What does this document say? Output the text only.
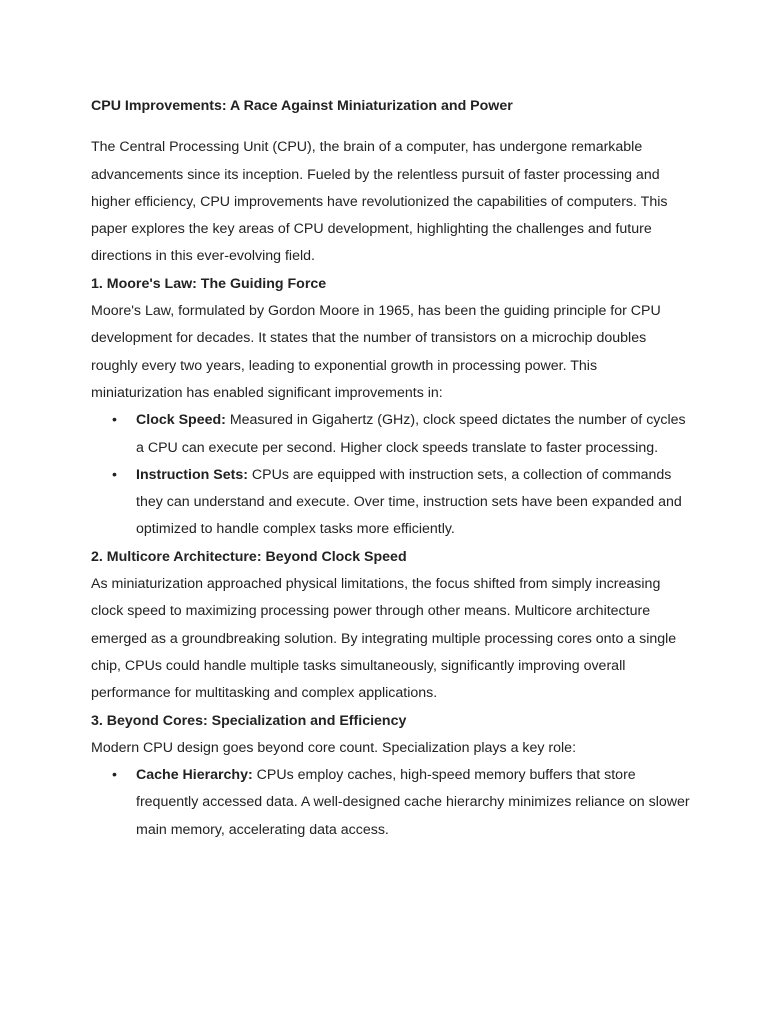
CPU Improvements: A Race Against Miniaturization and Power

The Central Processing Unit (CPU), the brain of a computer, has undergone remarkable advancements since its inception. Fueled by the relentless pursuit of faster processing and higher efficiency, CPU improvements have revolutionized the capabilities of computers. This paper explores the key areas of CPU development, highlighting the challenges and future directions in this ever-evolving field.

1. Moore's Law: The Guiding Force

Moore's Law, formulated by Gordon Moore in 1965, has been the guiding principle for CPU development for decades. It states that the number of transistors on a microchip doubles roughly every two years, leading to exponential growth in processing power. This miniaturization has enabled significant improvements in:

• Clock Speed: Measured in Gigahertz (GHz), clock speed dictates the number of cycles a CPU can execute per second. Higher clock speeds translate to faster processing.
• Instruction Sets: CPUs are equipped with instruction sets, a collection of commands they can understand and execute. Over time, instruction sets have been expanded and optimized to handle complex tasks more efficiently.
2. Multicore Architecture: Beyond Clock Speed

As miniaturization approached physical limitations, the focus shifted from simply increasing clock speed to maximizing processing power through other means. Multicore architecture emerged as a groundbreaking solution. By integrating multiple processing cores onto a single chip, CPUs could handle multiple tasks simultaneously, significantly improving overall performance for multitasking and complex applications.

3. Beyond Cores: Specialization and Efficiency

Modern CPU design goes beyond core count. Specialization plays a key role:

• Cache Hierarchy: CPUs employ caches, high-speed memory buffers that store frequently accessed data. A well-designed cache hierarchy minimizes reliance on slower main memory, accelerating data access.
